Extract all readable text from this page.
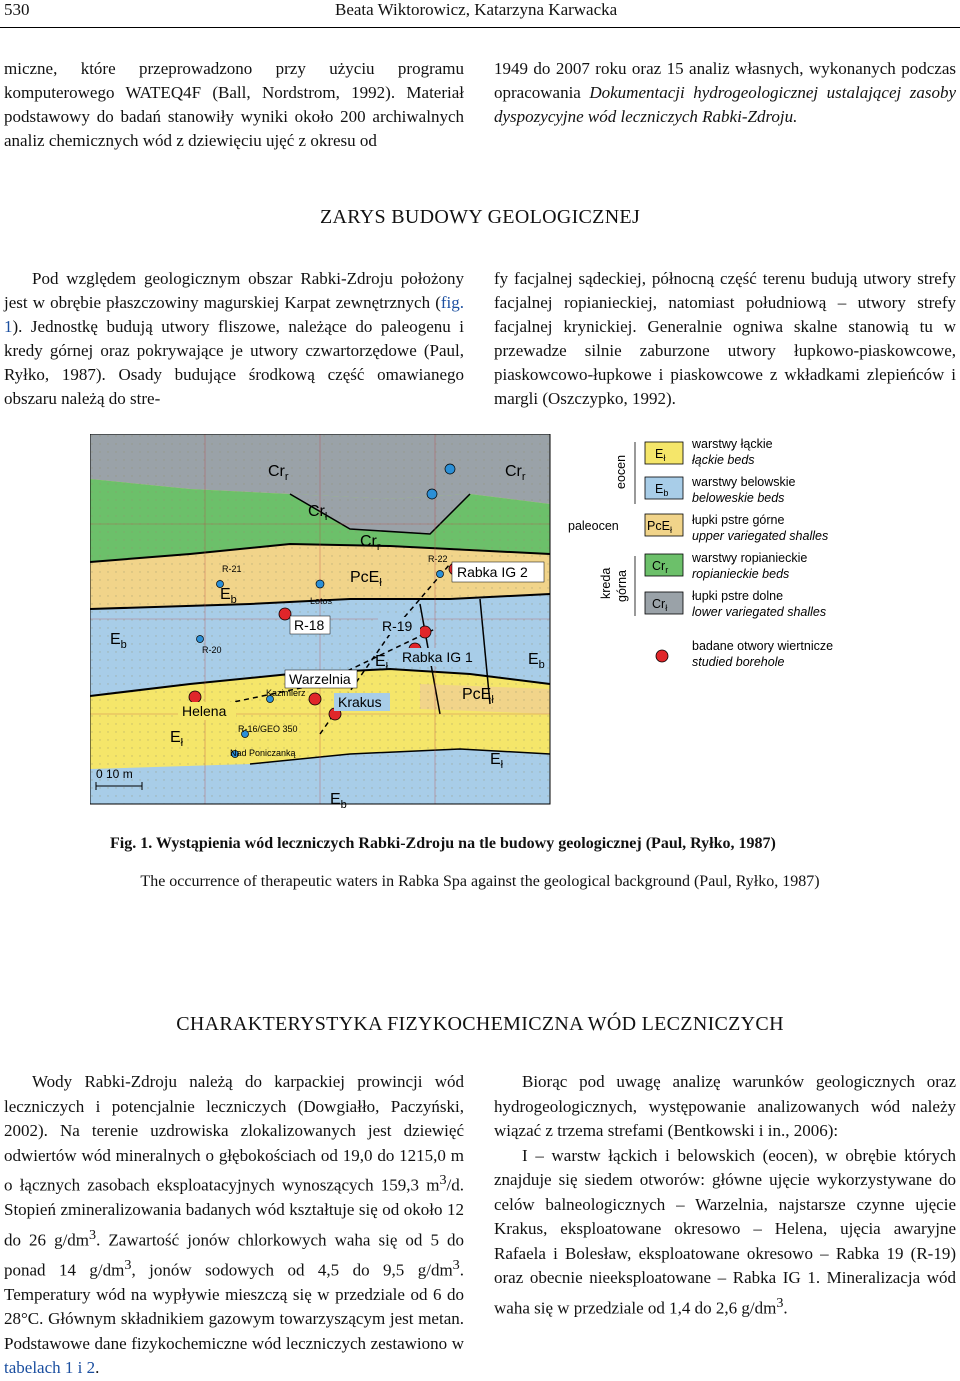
530	Beata Wiktorowicz, Katarzyna Karwacka

miczne, które przeprowadzono przy użyciu programu komputerowego WATEQ4F (Ball, Nordstrom, 1992). Materiał podstawowy do badań stanowiły wyniki około 200 archiwalnych analiz chemicznych wód z dziewięciu ujęć z okresu od

1949 do 2007 roku oraz 15 analiz własnych, wykonanych podczas opracowania Dokumentacji hydrogeologicznej ustalającej zasoby dyspozycyjne wód leczniczych Rabki-Zdroju.

ZARYS BUDOWY GEOLOGICZNEJ

Pod względem geologicznym obszar Rabki-Zdroju położony jest w obrębie płaszczowiny magurskiej Karpat zewnętrznych (fig. 1). Jednostkę budują utwory fliszowe, należące do paleogenu i kredy górnej oraz pokrywające je utwory czwartorzędowe (Paul, Ryłko, 1987). Osady budujące środkową część omawianego obszaru należą do stre-

fy facjalnej sądeckiej, północną część terenu budują utwory strefy facjalnej ropianieckiej, natomiast południową – utwory strefy facjalnej krynickiej. Generalnie ogniwa skalne stanowią tu w przewadze silnie zaburzone utwory łupkowo-piaskowcowe, piaskowcowo-łupkowe i piaskowcowe z wkładkami zlepieńców i margli (Oszczypko, 1992).

$Cr_r$	$Cr_r$
$Cr_ł$
$Cr_r$
PcE$_ł$
$E_b$
$E_b$
$E_b$
$E_b$
$E_ł$
$E_ł$
$E_ł$
PcE$_ł$
R-21
R-20
R-22
Lotos
Kazimierz
R-16/GEO 350
Nad Poniczanką
R-18	R-19
Rabka IG 2
Rabka IG 1
Warzelnia
Krakus
Helena
0 10 m
eocen
paleocen
kreda górna
$E_ł$
warstwy łąckie
łąckie beds
$E_b$
warstwy belowskie
beloweskie beds
PcE$_ł$
łupki pstre górne
upper variegated shalles
$Cr_r$
warstwy ropianieckie
ropianieckie beds
$Cr_ł$
łupki pstre dolne
lower variegated shalles
badane otwory wiertnicze
studied borehole
Fig. 1. Wystąpienia wód leczniczych Rabki-Zdroju na tle budowy geologicznej (Paul, Ryłko, 1987)
The occurrence of therapeutic waters in Rabka Spa against the geological background (Paul, Ryłko, 1987)
CHARAKTERYSTYKA FIZYKOCHEMICZNA WÓD LECZNICZYCH

Wody Rabki-Zdroju należą do karpackiej prowincji wód leczniczych i potencjalnie leczniczych (Dowgiałło, Paczyński, 2002). Na terenie uzdrowiska zlokalizowanych jest dziewięć odwiertów wód mineralnych o głębokościach od 19,0 do 1215,0 m o łącznych zasobach eksploatacyjnych wynoszących 159,3 $m^3/d$. Stopień zmineralizowania badanych wód kształtuje się od około 12 do 26 $g/dm^3$. Zawartość jonów chlorkowych waha się od 5 do ponad 14 $g/dm^3$, jonów sodowych od 4,5 do 9,5 $g/dm^3$. Temperatury wód na wypływie mieszczą się w przedziale od 6 do 28°C. Głównym składnikiem gazowym towarzyszącym jest metan. Podstawowe dane fizykochemiczne wód leczniczych zestawiono w tabelach 1 i 2.

Biorąc pod uwagę analizę warunków geologicznych oraz hydrogeologicznych, występowanie analizowanych wód należy wiązać z trzema strefami (Bentkowski i in., 2006):

I – warstw łąckich i belowskich (eocen), w obrębie których znajduje się siedem otworów: główne ujęcie wykorzystywane do celów balneologicznych – Warzelnia, najstarsze czynne ujęcie Krakus, eksploatowane okresowo – Helena, ujęcia awaryjne Rafaela i Bolesław, eksploatowane okresowo – Rabka 19 (R-19) oraz obecnie nieeksploatowane – Rabka IG 1. Mineralizacja wód waha się w przedziale od 1,4 do 2,6 $g/dm^3$.
